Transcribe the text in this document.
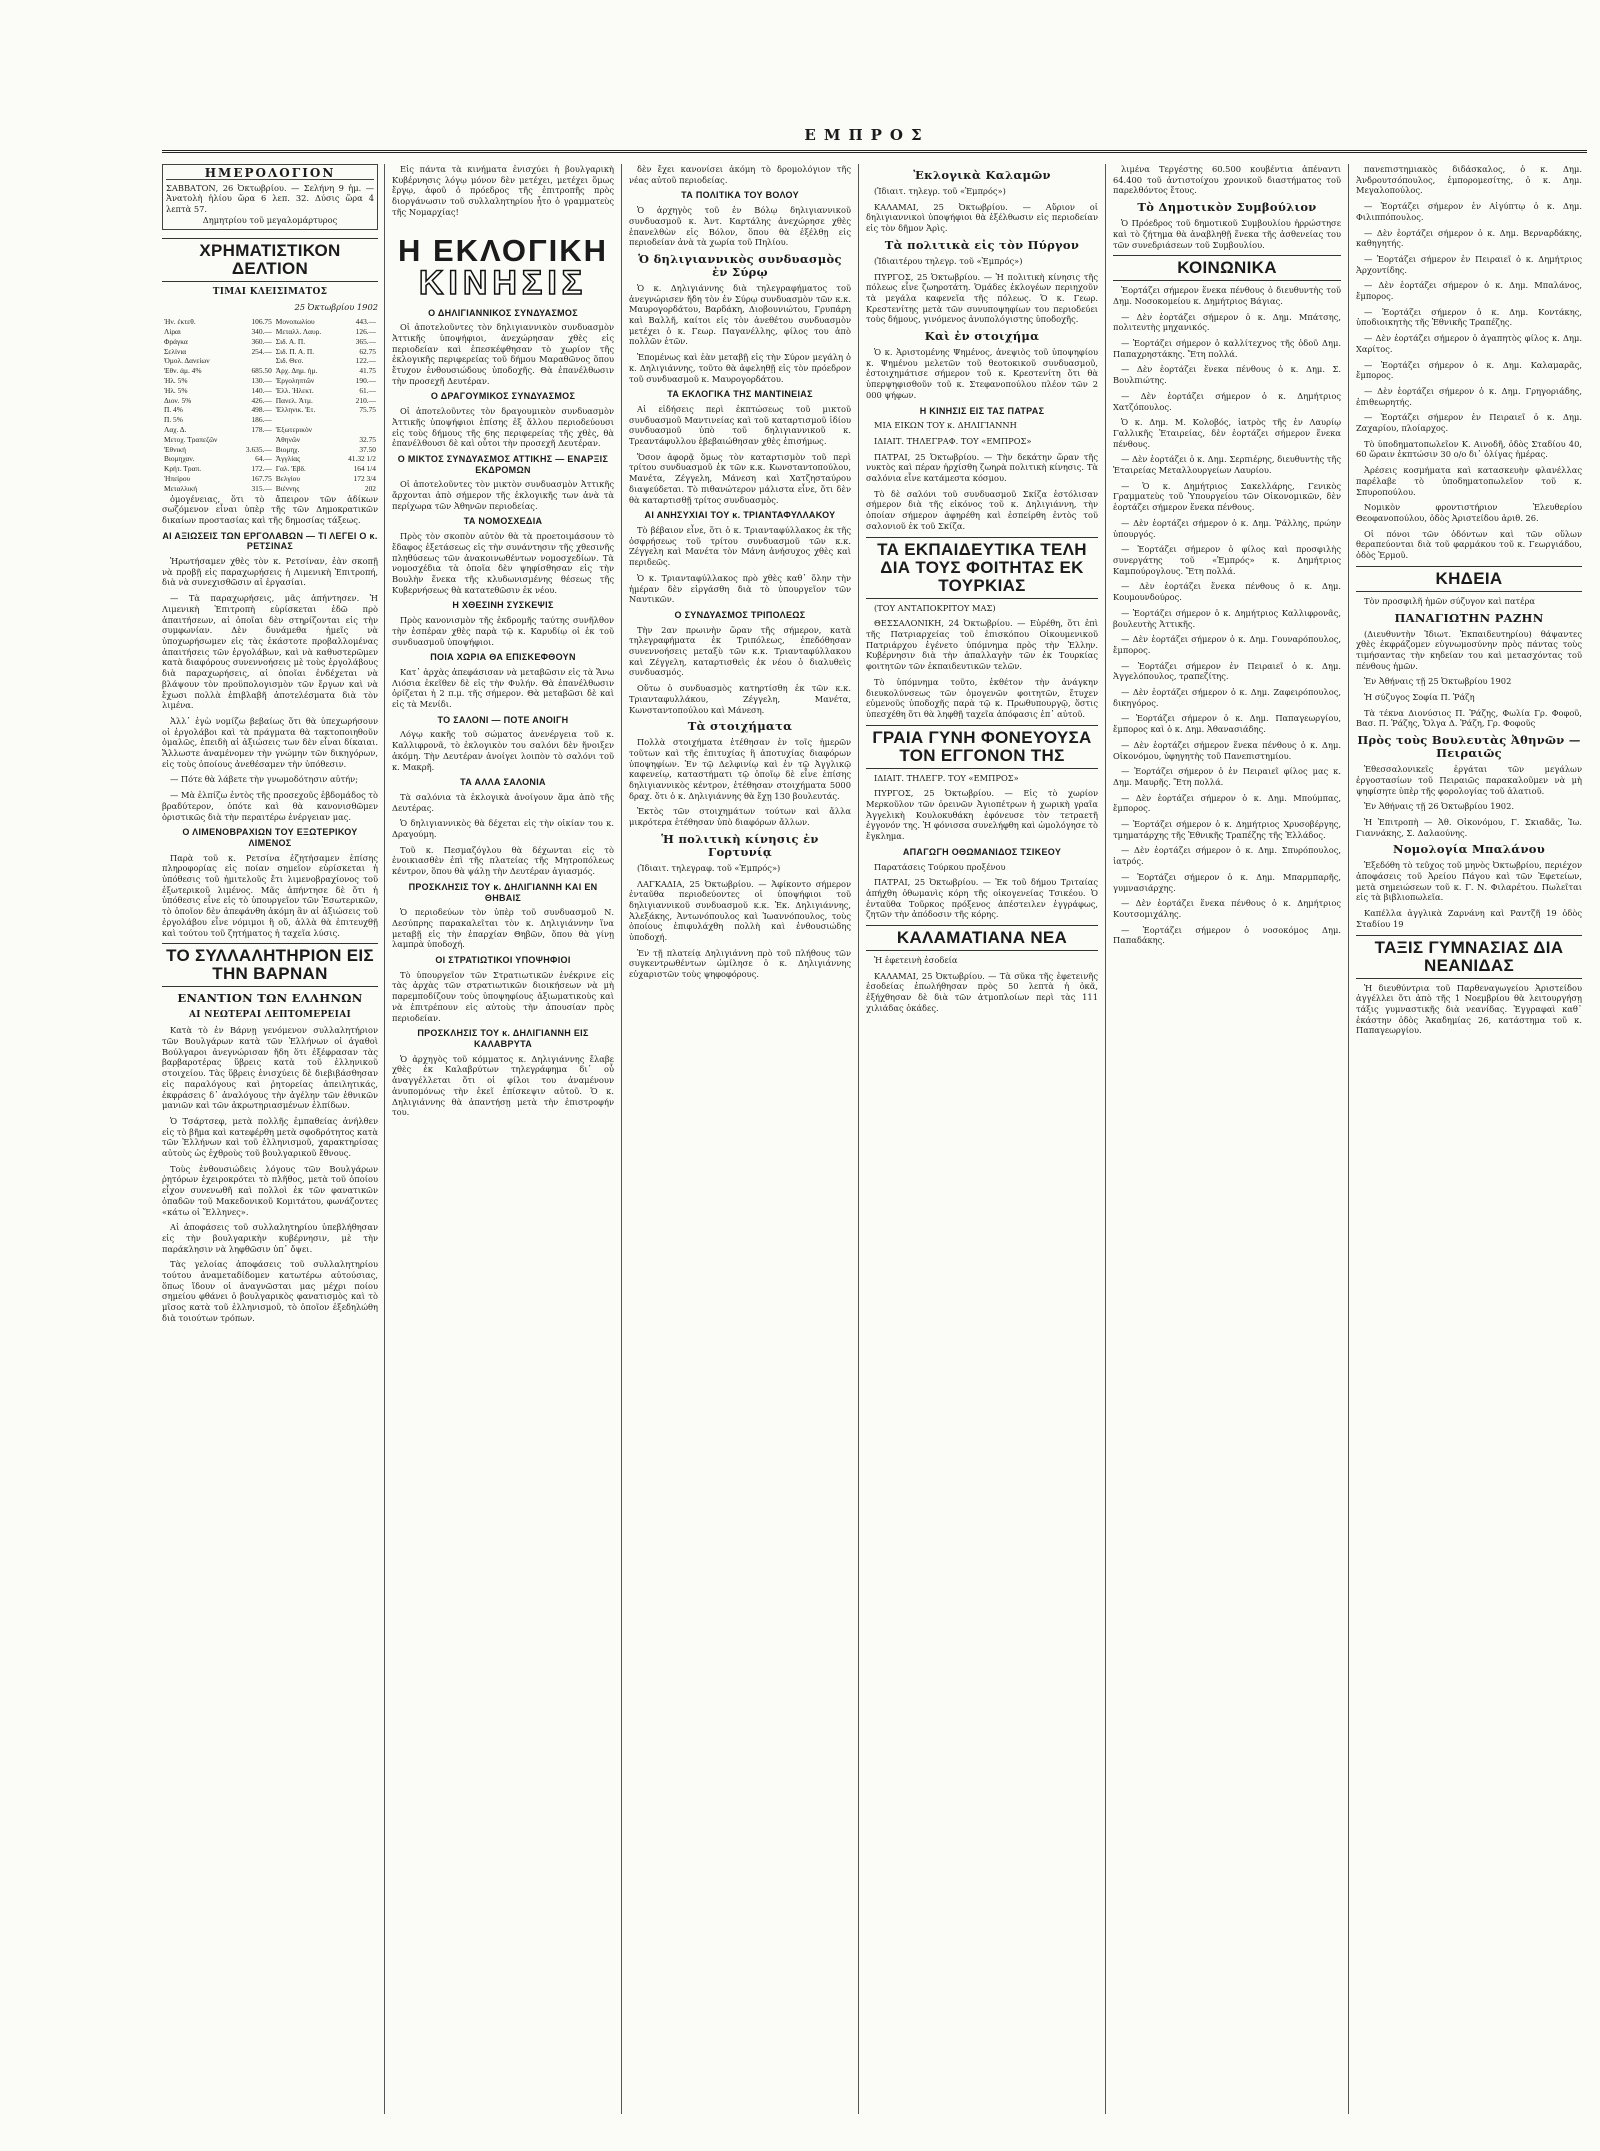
ΕΜΠΡΟΣ
ΗΜΕΡΟΛΟΓΙΟΝ
ΣΑΒΒΑΤΟΝ, 26 Ὀκτωβρίου. — Σελήνη 9 ἡμ. — Ἀνατολὴ ἡλίου ὥρα 6 λεπ. 32. Δύσις ὥρα 4 λεπτὰ 57.
Δημητρίου τοῦ μεγαλομάρτυρος
ΧΡΗΜΑΤΙΣΤΙΚΟΝ ΔΕΛΤΙΟΝ
ΤΙΜΑΙ ΚΛΕΙΣΙΜΑΤΟΣ
25 Ὀκτωβρίου 1902
Ἡν. ἐκτεθ.	106.75	Μονοπωλίου	443.—
Λίραι	340.—	Μεταλλ. Λαυρ.	126.—
Φράγκα	360.—	Σιδ. Α. Π.	365.—
Σελίνια	254.—	Σιδ. Π. Α. Π.	62.75
Ὁμολ. Δανείων		Σιδ. Θεσ.	122.—
Ἐθν. ἀμ. 4%	685.50	Ἀρχ. Δημ. ἡμ.	41.75
Ἠλ. 5%	130.—	Ἐργοληπτῶν	190.—
Ἠλ. 5%	140.—	Ἐλλ. Ἠλεκτ.	61.—
Διον. 5%	426.—	Πανελ. Ἀτμ.	210.—
Π. 4%	498.—	Ἑλληνικ. Ἐτ.	75.75
Π. 5%	186.—		
Λαχ. Δ.	178.—	Ἐξωτερικὸν	
Μετοχ. Τραπεζῶν		Ἀθηνῶν	32.75
Ἐθνική	3.635.—	Βιομηχ.	37.50
Βιομηχαν.	64.—	Ἀγγλίας	41.32 1/2
Κρήτ. Τραπ.	172.—	Γαλ. Ἑβδ.	164 1/4
Ἠπείρου	167.75	Βελγίου	172 3/4
Μεταλλική	315.—	Βιέννης	202

ὁμογένειας, ὅτι τὸ ἄπειρον τῶν ἀδίκων σωζόμενον εἶναι ὑπὲρ τῆς τῶν Δημοκρατικῶν δικαίων προστασίας καὶ τῆς δημοσίας τάξεως.

ΑΙ ΑΞΙΩΣΕΙΣ ΤΩΝ ΕΡΓΟΛΑΒΩΝ — ΤΙ ΛΕΓΕΙ Ο κ. ΡΕΤΣΙΝΑΣ

Ἠρωτήσαμεν χθὲς τὸν κ. Ρετσίναν, ἐὰν σκοπῇ νὰ προβῇ εἰς παραχωρήσεις ἡ Λιμενικὴ Ἐπιτροπή, διὰ νὰ συνεχισθῶσιν αἱ ἐργασίαι.

— Τὰ παραχωρήσεις, μᾶς ἀπήντησεν. Ἡ Λιμενικὴ Ἐπιτροπὴ εὑρίσκεται ἐδῶ πρὸ ἀπαιτήσεων, αἱ ὁποῖαι δὲν στηρίζονται εἰς τὴν συμφωνίαν. Δὲν δυνάμεθα ἡμεῖς νὰ ὑποχωρήσωμεν εἰς τὰς ἑκάστοτε προβαλλομένας ἀπαιτήσεις τῶν ἐργολάβων, καὶ νὰ καθυστερῶμεν κατὰ διαφόρους συνεννοήσεις μὲ τοὺς ἐργολάβους διὰ παραχωρήσεις, αἱ ὁποῖαι ἐνδέχεται νὰ βλάψουν τὸν προϋπολογισμὸν τῶν ἔργων καὶ νὰ ἔχωσι πολλὰ ἐπιβλαβῆ ἀποτελέσματα διὰ τὸν λιμένα.

Ἀλλ᾽ ἐγὼ νομίζω βεβαίως ὅτι θὰ ὑπεχωρήσουν οἱ ἐργολάβοι καὶ τὰ πράγματα θὰ τακτοποιηθοῦν ὁμαλῶς, ἐπειδὴ αἱ ἀξιώσεις των δὲν εἶναι δίκαιαι. Ἄλλωστε ἀναμένομεν τὴν γνώμην τῶν δικηγόρων, εἰς τοὺς ὁποίους ἀνεθέσαμεν τὴν ὑπόθεσιν.

— Πότε θὰ λάβετε τὴν γνωμοδότησιν αὐτήν;

— Μὰ ἐλπίζω ἐντὸς τῆς προσεχοῦς ἑβδομάδος τὸ βραδύτερον, ὁπότε καὶ θὰ κανονισθῶμεν ὁριστικῶς διὰ τὴν περαιτέρω ἐνέργειαν μας.

Ο ΛΙΜΕΝΟΒΡΑΧΙΩΝ ΤΟΥ ΕΞΩΤΕΡΙΚΟΥ ΛΙΜΕΝΟΣ

Παρὰ τοῦ κ. Ρετσίνα ἐζητήσαμεν ἐπίσης πληροφορίας εἰς ποίαν σημεῖον εὑρίσκεται ἡ ὑπόθεσις τοῦ ἡμιτελοῦς ἔτι λιμενοβραχίονος τοῦ ἐξωτερικοῦ λιμένος. Μᾶς ἀπήντησε δὲ ὅτι ἡ ὑπόθεσις εἶνε εἰς τὸ ὑπουργεῖον τῶν Ἐσωτερικῶν, τὸ ὁποῖον δὲν ἀπεφάνθη ἀκόμη ἂν αἱ ἀξιώσεις τοῦ ἐργολάβου εἶνε νόμιμοι ἢ οὔ, ἀλλὰ θὰ ἐπιτευχθῇ καὶ τούτου τοῦ ζητήματος ἡ ταχεῖα λύσις.

ΤΟ ΣΥΛΛΑΛΗΤΗΡΙΟΝ ΕΙΣ ΤΗΝ ΒΑΡΝΑΝ
ΕΝΑΝΤΙΟΝ ΤΩΝ ΕΛΛΗΝΩΝ
ΑΙ ΝΕΩΤΕΡΑΙ ΛΕΠΤΟΜΕΡΕΙΑΙ

Κατὰ τὸ ἐν Βάρνῃ γενόμενον συλλαλητήριον τῶν Βουλγάρων κατὰ τῶν Ἑλλήνων οἱ ἀγαθοὶ Βούλγαροι ἀνεγνώρισαν ἤδη ὅτι ἐξέφρασαν τὰς βαρβαροτέρας ὕβρεις κατὰ τοῦ ἑλληνικοῦ στοιχείου. Τὰς ὕβρεις ἐνισχύεις δὲ διεβιβάσθησαν εἰς παραλόγους καὶ ῥητορείας ἀπειλητικάς, ἐκφράσεις δ᾽ ἀναλόγους τὴν ἀγέλην τῶν ἐθνικῶν μανιῶν καὶ τῶν ἀκρωτηριασμένων ἐλπίδων.

Ὁ Τσάρτσεφ, μετὰ πολλῆς ἐμπαθείας ἀνήλθεν εἰς τὸ βῆμα καὶ κατεφέρθη μετὰ σφοδρότητος κατὰ τῶν Ἑλλήνων καὶ τοῦ ἑλληνισμοῦ, χαρακτηρίσας αὐτοὺς ὡς ἐχθροὺς τοῦ βουλγαρικοῦ ἔθνους.

Τοὺς ἐνθουσιώδεις λόγους τῶν Βουλγάρων ῥητόρων ἐχειροκρότει τὸ πλῆθος, μετὰ τοῦ ὁποίου εἶχον συνενωθῆ καὶ πολλοὶ ἐκ τῶν φανατικῶν ὀπαδῶν τοῦ Μακεδονικοῦ Κομιτάτου, φωνάζοντες «κάτω οἱ Ἕλληνες».

Αἱ ἀποφάσεις τοῦ συλλαλητηρίου ὑπεβλήθησαν εἰς τὴν βουλγαρικὴν κυβέρνησιν, μὲ τὴν παράκλησιν νὰ ληφθῶσιν ὑπ᾽ ὄψει.

Τὰς γελοίας ἀποφάσεις τοῦ συλλαλητηρίου τούτου ἀναμεταδίδομεν κατωτέρω αὐτούσιας, ὅπως ἴδουν οἱ ἀναγνῶσται μας μέχρι ποίου σημείου φθάνει ὁ βουλγαρικὸς φανατισμὸς καὶ τὸ μῖσος κατὰ τοῦ ἑλληνισμοῦ, τὸ ὁποῖον ἐξεδηλώθη διὰ τοιούτων τρόπων.

Εἰς πάντα τὰ κινήματα ἐνισχύει ἡ βουλγαρικὴ Κυβέρνησις λόγῳ μόνον δὲν μετέχει, μετέχει ὅμως ἔργῳ, ἀφοῦ ὁ πρόεδρος τῆς ἐπιτροπῆς πρὸς διοργάνωσιν τοῦ συλλαλητηρίου ἦτο ὁ γραμματεὺς τῆς Νομαρχίας!

Η ΕΚΛΟΓΙΚΗ
ΚΙΝΗΣΙΣ
Ο ΔΗΛΙΓΙΑΝΝΙΚΟΣ ΣΥΝΔΥΑΣΜΟΣ

Οἱ ἀποτελοῦντες τὸν δηλιγιαννικὸν συνδυασμὸν Ἀττικῆς ὑποψήφιοι, ἀνεχώρησαν χθὲς εἰς περιοδείαν καὶ ἐπεσκέφθησαν τὸ χωρίον τῆς ἐκλογικῆς περιφερείας τοῦ δήμου Μαραθῶνος ὅπου ἔτυχον ἐνθουσιώδους ὑποδοχῆς. Θὰ ἐπανέλθωσιν τὴν προσεχῆ Δευτέραν.

Ο ΔΡΑΓΟΥΜΙΚΟΣ ΣΥΝΔΥΑΣΜΟΣ

Οἱ ἀποτελοῦντες τὸν δραγουμικὸν συνδυασμὸν Ἀττικῆς ὑποψήφιοι ἐπίσης ἐξ ἄλλου περιοδεύουσι εἰς τοὺς δήμους τῆς 6ης περιφερείας τῆς χθὲς, θὰ ἐπανέλθουσι δὲ καὶ οὗτοι τὴν προσεχῆ Δευτέραν.

Ο ΜΙΚΤΟΣ ΣΥΝΔΥΑΣΜΟΣ ΑΤΤΙΚΗΣ — ΕΝΑΡΞΙΣ ΕΚΔΡΟΜΩΝ

Οἱ ἀποτελοῦντες τὸν μικτὸν συνδυασμὸν Ἀττικῆς ἄρχονται ἀπὸ σήμερον τῆς ἐκλογικῆς των ἀνὰ τὰ περίχωρα τῶν Ἀθηνῶν περιοδείας.

ΤΑ ΝΟΜΟΣΧΕΔΙΑ

Πρὸς τὸν σκοπὸν αὐτὸν θὰ τὰ προετοιμάσουν τὸ ἔδαφος ἐξετάσεως εἰς τὴν συνάντησιν τῆς χθεσινῆς πληθύσεως τῶν ἀνακοινωθέντων νομοσχεδίων. Τὰ νομοσχέδια τὰ ὁποῖα δὲν ψηφίσθησαν εἰς τὴν Βουλὴν ἕνεκα τῆς κλυδωνισμένης θέσεως τῆς Κυβερνήσεως θὰ κατατεθῶσιν ἐκ νέου.

Η ΧΘΕΣΙΝΗ ΣΥΣΚΕΨΙΣ

Πρὸς κανονισμὸν τῆς ἐκδρομῆς ταύτης συνῆλθον τὴν ἑσπέραν χθὲς παρὰ τῷ κ. Καρυδίῳ οἱ ἐκ τοῦ συνδυασμοῦ ὑποψήφιοι.

ΠΟΙΑ ΧΩΡΙΑ ΘΑ ΕΠΙΣΚΕΦΘΟΥΝ

Κατ᾽ ἀρχὰς ἀπεφάσισαν νὰ μεταβῶσιν εἰς τὰ Ἄνω Λιόσια ἐκεῖθεν δὲ εἰς τὴν Φυλήν. Θὰ ἐπανέλθωσιν ὁρίζεται ἡ 2 π.μ. τῆς σήμερον. Θὰ μεταβῶσι δὲ καὶ εἰς τὰ Μενίδι.

ΤΟ ΣΑΛΟΝΙ — ΠΟΤΕ ΑΝΟΙΓΗ

Λόγῳ κακῆς τοῦ σώματος ἀνενέργεια τοῦ κ. Καλλιφρονᾶ, τὸ ἐκλογικὸν του σαλόνι δὲν ἤνοιξεν ἀκόμη. Τὴν Δευτέραν ἀνοίγει λοιπὸν τὸ σαλόνι τοῦ κ. Μακρῆ.

ΤΑ ΑΛΛΑ ΣΑΛΟΝΙΑ

Τὰ σαλόνια τὰ ἐκλογικὰ ἀνοίγουν ἅμα ἀπὸ τῆς Δευτέρας.

Ὁ δηλιγιαννικὸς θὰ δέχεται εἰς τὴν οἰκίαν του κ. Δραγούμη.

Τοῦ κ. Πεσμαζόγλου θὰ δέχωνται εἰς τὸ ἐνοικιασθὲν ἐπὶ τῆς πλατείας τῆς Μητροπόλεως κέντρον, ὅπου θὰ ψάλῃ τὴν Δευτέραν ἁγιασμός.

ΠΡΟΣΚΛΗΣΙΣ ΤΟΥ κ. ΔΗΛΙΓΙΑΝΝΗ ΚΑΙ ΕΝ ΘΗΒΑΙΣ

Ὁ περιοδεύων τὸν ὑπὲρ τοῦ συνδυασμοῦ Ν. Δεσύπρης παρακαλεῖται τὸν κ. Δηλιγιάννην ἵνα μεταβῇ εἰς τὴν ἐπαρχίαν Θηβῶν, ὅπου θὰ γίνῃ λαμπρὰ ὑποδοχή.

ΟΙ ΣΤΡΑΤΙΩΤΙΚΟΙ ΥΠΟΨΗΦΙΟΙ

Τὸ ὑπουργεῖον τῶν Στρατιωτικῶν ἐνέκρινε εἰς τὰς ἀρχὰς τῶν στρατιωτικῶν διοικήσεων νὰ μὴ παρεμποδίζουν τοὺς ὑποψηφίους ἀξιωματικοὺς καὶ νὰ ἐπιτρέπουν εἰς αὐτοὺς τὴν ἀπουσίαν πρὸς περιοδείαν.

ΠΡΟΣΚΛΗΣΙΣ ΤΟΥ κ. ΔΗΛΙΓΙΑΝΝΗ ΕΙΣ ΚΑΛΑΒΡΥΤΑ

Ὁ ἀρχηγὸς τοῦ κόμματος κ. Δηλιγιάννης ἔλαβε χθὲς ἐκ Καλαβρύτων τηλεγράφημα δι᾽ οὗ ἀναγγέλλεται ὅτι οἱ φίλοι του ἀναμένουν ἀνυπομόνως τὴν ἐκεῖ ἐπίσκεψιν αὐτοῦ. Ὁ κ. Δηλιγιάννης θὰ ἀπαντήσῃ μετὰ τὴν ἐπιστροφήν του.

δὲν ἔχει κανονίσει ἀκόμη τὸ δρομολόγιον τῆς νέας αὐτοῦ περιοδείας.

ΤΑ ΠΟΛΙΤΙΚΑ ΤΟΥ ΒΟΛΟΥ

Ὁ ἀρχηγὸς τοῦ ἐν Βόλῳ δηλιγιαννικοῦ συνδυασμοῦ κ. Ἀντ. Καρτάλης ἀνεχώρησε χθὲς ἐπανελθὼν εἰς Βόλον, ὅπου θὰ ἐξέλθῃ εἰς περιοδείαν ἀνὰ τὰ χωρία τοῦ Πηλίου.

Ὁ δηλιγιαννικὸς συνδυασμὸς ἐν Σύρῳ

Ὁ κ. Δηλιγιάννης διὰ τηλεγραφήματος τοῦ ἀνεγνώρισεν ἤδη τὸν ἐν Σύρῳ συνδυασμὸν τῶν κ.κ. Μαυρογορδάτου, Βαρδάκη, Διοβουνιώτου, Γρυπάρη καὶ Βαλλῆ, καίτοι εἰς τὸν ἀνεθέτου συνδυασμὸν μετέχει ὁ κ. Γεωρ. Παγανέλλης, φίλος του ἀπὸ πολλῶν ἐτῶν.

Ἐπομένως καὶ ἐὰν μεταβῇ εἰς τὴν Σύρον μεγάλη ὁ κ. Δηλιγιάννης, τοῦτο θὰ ἀφεληθῇ εἰς τὸν πρόεδρον τοῦ συνδυασμοῦ κ. Μαυρογορδάτου.

ΤΑ ΕΚΛΟΓΙΚΑ ΤΗΣ ΜΑΝΤΙΝΕΙΑΣ

Αἱ εἰδήσεις περὶ ἐκπτώσεως τοῦ μικτοῦ συνδυασμοῦ Μαντινείας καὶ τοῦ καταρτισμοῦ ἰδίου συνδυασμοῦ ὑπὸ τοῦ δηλιγιαννικοῦ κ. Τρεαντάφυλλου ἐβεβαιώθησαν χθὲς ἐπισήμως.

Ὅσον ἀφορᾷ ὅμως τὸν καταρτισμὸν τοῦ περὶ τρίτου συνδυασμοῦ ἐκ τῶν κ.κ. Κωνσταντοπούλου, Μανέτα, Ζέγγελη, Μάνεση καὶ Χατζησταύρου διαψεύδεται. Τὸ πιθανώτερον μάλιστα εἶνε, ὅτι δὲν θὰ καταρτισθῇ τρίτος συνδυασμὸς.

ΑΙ ΑΝΗΣΥΧΙΑΙ ΤΟΥ κ. ΤΡΙΑΝΤΑΦΥΛΛΑΚΟΥ

Τὸ βέβαιον εἶνε, ὅτι ὁ κ. Τριανταφύλλακος ἐκ τῆς ὀσφρήσεως τοῦ τρίτου συνδυασμοῦ τῶν κ.κ. Ζέγγελη καὶ Μανέτα τὸν Μάνη ἀνήσυχος χθὲς καὶ περιδεῶς.

Ὁ κ. Τριανταφύλλακος πρὸ χθὲς καθ᾽ ὅλην τὴν ἡμέραν δὲν εἰργάσθη διὰ τὸ ὑπουργεῖον τῶν Ναυτικῶν.

Ο ΣΥΝΔΥΑΣΜΟΣ ΤΡΙΠΟΛΕΩΣ

Τὴν 2αν πρωινὴν ὥραν τῆς σήμερον, κατὰ τηλεγραφήματα ἐκ Τριπόλεως, ἐπεδόθησαν συνεννοήσεις μεταξὺ τῶν κ.κ. Τριανταφύλλακου καὶ Ζέγγελη, καταρτισθεὶς ἐκ νέου ὁ διαλυθεὶς συνδυασμός.

Οὕτω ὁ συνδυασμὸς κατηρτίσθη ἐκ τῶν κ.κ. Τριανταφυλλάκου, Ζέγγελη, Μανέτα, Κωνσταντοπούλου καὶ Μάνεση.

Τὰ στοιχήματα

Πολλὰ στοιχήματα ἐτέθησαν ἐν τοῖς ἡμερῶν τοῦτων καὶ τῆς ἐπιτυχίας ἢ ἀποτυχίας διαφόρων ὑποψηφίων. Ἐν τῷ Δελφινίῳ καὶ ἐν τῷ Ἀγγλικῷ καφενείῳ, καταστήματι τῷ ὁποῖῳ δὲ εἶνε ἐπίσης δηλιγιαννικὸς κέντρον, ἐτέθησαν στοιχήματα 5000 δραχ. ὅτι ὁ κ. Δηλιγιάννης θὰ ἔχῃ 130 βουλευτάς.

Ἐκτὸς τῶν στοιχημάτων τούτων καὶ ἄλλα μικρότερα ἐτέθησαν ὑπὸ διαφόρων ἄλλων.

Ἡ πολιτικὴ κίνησις ἐν Γορτυνίᾳ

(Ἰδιαιτ. τηλεγραφ. τοῦ «Ἐμπρός»)

ΛΑΓΚΑΔΙΑ, 25 Ὀκτωβρίου. — Ἀφίκοντο σήμερον ἐνταῦθα περιοδεύοντες οἱ ὑποψήφιοι τοῦ δηλιγιαννικοῦ συνδυασμοῦ κ.κ. Ἐκ. Δηλιγιάννης, Ἀλεξάκης, Ἀντωνόπουλος καὶ Ἰωαννόπουλος, τοὺς ὁποίους ἐπιφυλάχθη πολλὴ καὶ ἐνθουσιώδης ὑποδοχή.

Ἐν τῇ πλατείᾳ Δηλιγιάννη πρὸ τοῦ πλήθους τῶν συγκεντρωθέντων ὡμίλησε ὁ κ. Δηλιγιάννης εὐχαριστῶν τοὺς ψηφοφόρους.

Ἐκλογικὰ Καλαμῶν

(Ἰδιαιτ. τηλεγρ. τοῦ «Ἐμπρός»)

ΚΑΛΑΜΑΙ, 25 Ὀκτωβρίου. — Αὔριον οἱ δηλιγιαννικοὶ ὑποψήφιοι θὰ ἐξέλθωσιν εἰς περιοδείαν εἰς τὸν δῆμον Ἀρὶς.

Τὰ πολιτικὰ εἰς τὸν Πύργον

(Ἰδιαιτέρου τηλεγρ. τοῦ «Ἐμπρός»)

ΠΥΡΓΟΣ, 25 Ὀκτωβρίου. — Ἡ πολιτικὴ κίνησις τῆς πόλεως εἶνε ζωηροτάτη. Ὁμάδες ἐκλογέων περιηχοῦν τὰ μεγάλα καφενεῖα τῆς πόλεως. Ὁ κ. Γεωρ. Κρεστενίτης μετὰ τῶν συνυποψηφίων του περιοδεύει τοὺς δήμους, γινόμενος ἀνυπολόγιστης ὑποδοχῆς.

Καὶ ἐν στοιχήμα

Ὁ κ. Ἀριστομένης Ψημένος, ἀνεψιὸς τοῦ ὑποψηφίου κ. Ψημένου μελετῶν τοῦ θεοτοκικοῦ συνδυασμοῦ, ἐστοιχημάτισε σήμερον τοῦ κ. Κρεστενίτη ὅτι θὰ ὑπερψηφισθοῦν τοῦ κ. Στεφανοπούλου πλέον τῶν 2 000 ψήφων.

Η ΚΙΝΗΣΙΣ ΕΙΣ ΤΑΣ ΠΑΤΡΑΣ

ΜΙΑ ΕΙΚΩΝ ΤΟΥ κ. ΔΗΛΙΓΙΑΝΝΗ

ΙΔΙΑΙΤ. ΤΗΛΕΓΡΑΦ. ΤΟΥ «ΕΜΠΡΟΣ»

ΠΑΤΡΑΙ, 25 Ὀκτωβρίου. — Τὴν δεκάτην ὥραν τῆς νυκτὸς καὶ πέραν ἠρχίσθη ζωηρὰ πολιτικὴ κίνησις. Τὰ σαλόνια εἶνε κατάμεστα κόσμου.

Τὸ δὲ σαλόνι τοῦ συνδυασμοῦ Σκίζα ἐστόλισαν σήμερον διὰ τῆς εἰκόνος τοῦ κ. Δηλιγιάννη, τὴν ὁποίαν σήμερον ἀφηρέθη καὶ ἐσπείρθη ἐντὸς τοῦ σαλονιοῦ ἐκ τοῦ Σκίζα.

ΤΑ ΕΚΠΑΙΔΕΥΤΙΚΑ ΤΕΛΗ ΔΙΑ ΤΟΥΣ ΦΟΙΤΗΤΑΣ ΕΚ ΤΟΥΡΚΙΑΣ

(ΤΟΥ ΑΝΤΑΠΟΚΡΙΤΟΥ ΜΑΣ)

ΘΕΣΣΑΛΟΝΙΚΗ, 24 Ὀκτωβρίου. — Εὐρέθη, ὅτι ἐπὶ τῆς Πατριαρχείας τοῦ ἐπισκόπου Οἰκουμενικοῦ Πατριάρχου ἐγένετο ὑπόμνημα πρὸς τὴν Ἐλλην. Κυβέρνησιν διὰ τὴν ἀπαλλαγὴν τῶν ἐκ Τουρκίας φοιτητῶν τῶν ἐκπαιδευτικῶν τελῶν.

Τὸ ὑπόμνημα τοῦτο, ἐκθέτον τὴν ἀνάγκην διευκολύνσεως τῶν ὁμογενῶν φοιτητῶν, ἔτυχεν εὐμενοῦς ὑποδοχῆς παρὰ τῷ κ. Πρωθυπουργῷ, ὅστις ὑπεσχέθη ὅτι θὰ ληφθῇ ταχεῖα ἀπόφασις ἐπ᾽ αὐτοῦ.

ΓΡΑΙΑ ΓΥΝΗ ΦΟΝΕΥΟΥΣΑ ΤΟΝ ΕΓΓΟΝΟΝ ΤΗΣ

ΙΔΙΑΙΤ. ΤΗΛΕΓΡ. ΤΟΥ «ΕΜΠΡΟΣ»

ΠΥΡΓΟΣ, 25 Ὀκτωβρίου. — Εἰς τὸ χωρίον Μερκοῦλον τῶν ὁρεινῶν Ἀγιοπέτρων ἡ χωρικὴ γραῖα Ἀγγελικὴ Κουλοκυθάκη ἐφόνευσε τὸν τετραετῆ ἐγγονόν της. Ἡ φόνισσα συνελήφθη καὶ ὡμολόγησε τὸ ἔγκλημα.

ΑΠΑΓΩΓΗ ΟΘΩΜΑΝΙΔΟΣ ΤΣΙΚΕΟΥ

Παρατάσεις Τούρκου προξένου

ΠΑΤΡΑΙ, 25 Ὀκτωβρίου. — Ἐκ τοῦ δήμου Τριταίας ἀπήχθη ὀθωμανὶς κόρη τῆς οἰκογενείας Τσικέου. Ὁ ἐνταῦθα Τοῦρκος πρόξενος ἀπέστειλεν ἐγγράφως, ζητῶν τὴν ἀπόδοσιν τῆς κόρης.

ΚΑΛΑΜΑΤΙΑΝΑ ΝΕΑ

Ἡ ἐφετεινὴ ἐσοδεία

ΚΑΛΑΜΑΙ, 25 Ὀκτωβρίου. — Τὰ σῦκα τῆς ἐφετεινῆς ἐσοδείας ἐπωλήθησαν πρὸς 50 λεπτὰ ἡ ὀκᾶ, ἐξήχθησαν δὲ διὰ τῶν ἀτμοπλοίων περὶ τὰς 111 χιλιάδας ὀκάδες.

λιμένα Τεργέστης 60.500 κουβέντια ἀπέναντι 64.400 τοῦ ἀντιστοίχου χρονικοῦ διαστήματος τοῦ παρελθόντος ἔτους.

Τὸ Δημοτικὸν Συμβούλιον

Ὁ Πρόεδρος τοῦ δημοτικοῦ Συμβουλίου ἠρρώστησε καὶ τὸ ζήτημα θὰ ἀναβληθῇ ἕνεκα τῆς ἀσθενείας του τῶν συνεδριάσεων τοῦ Συμβουλίου.

ΚΟΙΝΩΝΙΚΑ

Ἐορτάζει σήμερον ἕνεκα πένθους ὁ διευθυντὴς τοῦ Δημ. Νοσοκομείου κ. Δημήτριος Βάγιας.

— Δὲν ἑορτάζει σήμερον ὁ κ. Δημ. Μπάτσης, πολιτευτὴς μηχανικός.

— Ἑορτάζει σήμερον ὁ καλλίτεχνος τῆς ὁδοῦ Δημ. Παπαχρηστάκης. Ἔτη πολλά.

— Δὲν ἑορτάζει ἕνεκα πένθους ὁ κ. Δημ. Σ. Βουλπιώτης.

— Δὲν ἑορτάζει σήμερον ὁ κ. Δημήτριος Χατζόπουλος.

Ὁ κ. Δημ. Μ. Κολοβός, ἰατρὸς τῆς ἐν Λαυρίῳ Γαλλικῆς Ἑταιρείας, δὲν ἑορτάζει σήμερον ἕνεκα πένθους.

— Δὲν ἑορτάζει ὁ κ. Δημ. Σερπιέρης, διευθυντὴς τῆς Ἑταιρείας Μεταλλουργείων Λαυρίου.

— Ὁ κ. Δημήτριος Σακελλάρης, Γενικὸς Γραμματεὺς τοῦ Ὑπουργείου τῶν Οἰκονομικῶν, δὲν ἑορτάζει σήμερον ἕνεκα πένθους.

— Δὲν ἑορτάζει σήμερον ὁ κ. Δημ. Ῥάλλης, πρώην ὑπουργός.

— Ἑορτάζει σήμερον ὁ φίλος καὶ προσφιλὴς συνεργάτης τοῦ «Ἐμπρός» κ. Δημήτριος Καμπούρογλους. Ἔτη πολλά.

— Δὲν ἑορτάζει ἕνεκα πένθους ὁ κ. Δημ. Κουμουνδούρος.

— Ἑορτάζει σήμερον ὁ κ. Δημήτριος Καλλιφρονᾶς, βουλευτὴς Ἀττικῆς.

— Δὲν ἑορτάζει σήμερον ὁ κ. Δημ. Γουναρόπουλος, ἔμπορος.

— Ἑορτάζει σήμερον ἐν Πειραιεῖ ὁ κ. Δημ. Ἀγγελόπουλος, τραπεζίτης.

— Δὲν ἑορτάζει σήμερον ὁ κ. Δημ. Ζαφειρόπουλος, δικηγόρος.

— Ἑορτάζει σήμερον ὁ κ. Δημ. Παπαγεωργίου, ἔμπορος καὶ ὁ κ. Δημ. Ἀθανασιάδης.

— Δὲν ἑορτάζει σήμερον ἕνεκα πένθους ὁ κ. Δημ. Οἰκονόμου, ὑφηγητὴς τοῦ Πανεπιστημίου.

— Ἑορτάζει σήμερον ὁ ἐν Πειραιεῖ φίλος μας κ. Δημ. Μαυρῆς. Ἔτη πολλά.

— Δὲν ἑορτάζει σήμερον ὁ κ. Δημ. Μπούμπας, ἔμπορος.

— Ἑορτάζει σήμερον ὁ κ. Δημήτριος Χρυσοβέργης, τμηματάρχης τῆς Ἐθνικῆς Τραπέζης τῆς Ἑλλάδος.

— Δὲν ἑορτάζει σήμερον ὁ κ. Δημ. Σπυρόπουλος, ἰατρός.

— Ἑορτάζει σήμερον ὁ κ. Δημ. Μπαρμπαρῆς, γυμνασιάρχης.

— Δὲν ἑορτάζει ἕνεκα πένθους ὁ κ. Δημήτριος Κουτσομιχάλης.

— Ἑορτάζει σήμερον ὁ νοσοκόμος Δημ. Παπαδάκης.

πανεπιστημιακὸς διδάσκαλος, ὁ κ. Δημ. Ἀνδρουτσόπουλος, ἐμπορομεσίτης, ὁ κ. Δημ. Μεγαλοπούλος.

— Ἑορτάζει σήμερον ἐν Αἰγύπτῳ ὁ κ. Δημ. Φιλιππόπουλος.

— Δὲν ἑορτάζει σήμερον ὁ κ. Δημ. Βερναρδάκης, καθηγητής.

— Ἑορτάζει σήμερον ἐν Πειραιεῖ ὁ κ. Δημήτριος Ἀρχοντίδης.

— Δὲν ἑορτάζει σήμερον ὁ κ. Δημ. Μπαλάνος, ἔμπορος.

— Ἑορτάζει σήμερον ὁ κ. Δημ. Κοντάκης, ὑποδιοικητὴς τῆς Ἐθνικῆς Τραπέζης.

— Δὲν ἑορτάζει σήμερον ὁ ἀγαπητὸς φίλος κ. Δημ. Χαρίτος.

— Ἑορτάζει σήμερον ὁ κ. Δημ. Καλαμαρᾶς, ἔμπορος.

— Δὲν ἑορτάζει σήμερον ὁ κ. Δημ. Γρηγοριάδης, ἐπιθεωρητής.

— Ἑορτάζει σήμερον ἐν Πειραιεῖ ὁ κ. Δημ. Ζαχαρίου, πλοίαρχος.

Τὸ ὑποδηματοπωλεῖον Κ. Αινοδῆ, ὁδὸς Σταδίου 40, 60 ὥραιν ἐκπτώσιν 30 ο/ο δι᾽ ὀλίγας ἡμέρας.

Ἀρέσεις κοσμήματα καὶ κατασκευὴν φλανέλλας παρέλαβε τὸ ὑποδηματοπωλεῖον τοῦ κ. Σπυροπούλου.

Νομικὸν φροντιστήριον Ἐλευθερίου Θεοφανοπούλου, ὁδὸς Ἀριστείδου ἀριθ. 26.

Οἱ πόνοι τῶν ὀδόντων καὶ τῶν οὔλων θεραπεύονται διὰ τοῦ φαρμάκου τοῦ κ. Γεωργιάδου, ὁδὸς Ἑρμοῦ.

ΚΗΔΕΙΑ

Τὸν προσφιλῆ ἡμῶν σύζυγον καὶ πατέρα

ΠΑΝΑΓΙΩΤΗΝ ΡΑΖΗΝ

(Διευθυντὴν Ἰδιωτ. Ἐκπαιδευτηρίου) θάψαντες χθὲς ἐκφράζομεν εὐγνωμοσύνην πρὸς πάντας τοὺς τιμήσαντας τὴν κηδείαν του καὶ μετασχόντας τοῦ πένθους ἡμῶν.

Ἐν Ἀθήναις τῇ 25 Ὀκτωβρίου 1902

Ἡ σύζυγος Σοφία Π. Ῥάζη

Τὰ τέκνα Διονύσιος Π. Ῥάζης, Φωλία Γρ. Φοφοῦ, Βασ. Π. Ῥάζης, Ὄλγα Δ. Ῥάζη, Γρ. Φοφοῦς

Πρὸς τοὺς Βουλευτὰς Ἀθηνῶν — Πειραιῶς

Ἐθεσσαλονικεῖς ἐργάται τῶν μεγάλων ἐργοστασίων τοῦ Πειραιῶς παρακαλοῦμεν νὰ μὴ ψηφίσητε ὑπὲρ τῆς φορολογίας τοῦ ἀλατιοῦ.

Ἐν Ἀθήναις τῇ 26 Ὀκτωβρίου 1902.

Ἡ Ἐπιτροπὴ — Ἀθ. Οἰκονόμου, Γ. Σκιαδᾶς, Ἰω. Γιαννάκης, Σ. Δαλαούνης.

Νομολογία Μπαλάνου

Ἐξεδόθη τὸ τεῦχος τοῦ μηνὸς Ὀκτωβρίου, περιέχον ἀποφάσεις τοῦ Ἀρείου Πάγου καὶ τῶν Ἐφετείων, μετὰ σημειώσεων τοῦ κ. Γ. Ν. Φιλαρέτου. Πωλεῖται εἰς τὰ βιβλιοπωλεῖα.

Καπέλλα ἀγγλικὰ Ζαρνάνη καὶ Ραντζῆ 19 ὁδὸς Σταδίου 19

ΤΑΞΙΣ ΓΥΜΝΑΣΙΑΣ ΔΙΑ ΝΕΑΝΙΔΑΣ

Ἡ διευθύντρια τοῦ Παρθεναγωγείου Ἀριστείδου ἀγγέλλει ὅτι ἀπὸ τῆς 1 Νοεμβρίου θὰ λειτουργήσῃ τάξις γυμναστικῆς διὰ νεανίδας. Ἐγγραφαὶ καθ᾽ ἑκάστην ὁδὸς Ἀκαδημίας 26, κατάστημα τοῦ κ. Παπαγεωργίου.
